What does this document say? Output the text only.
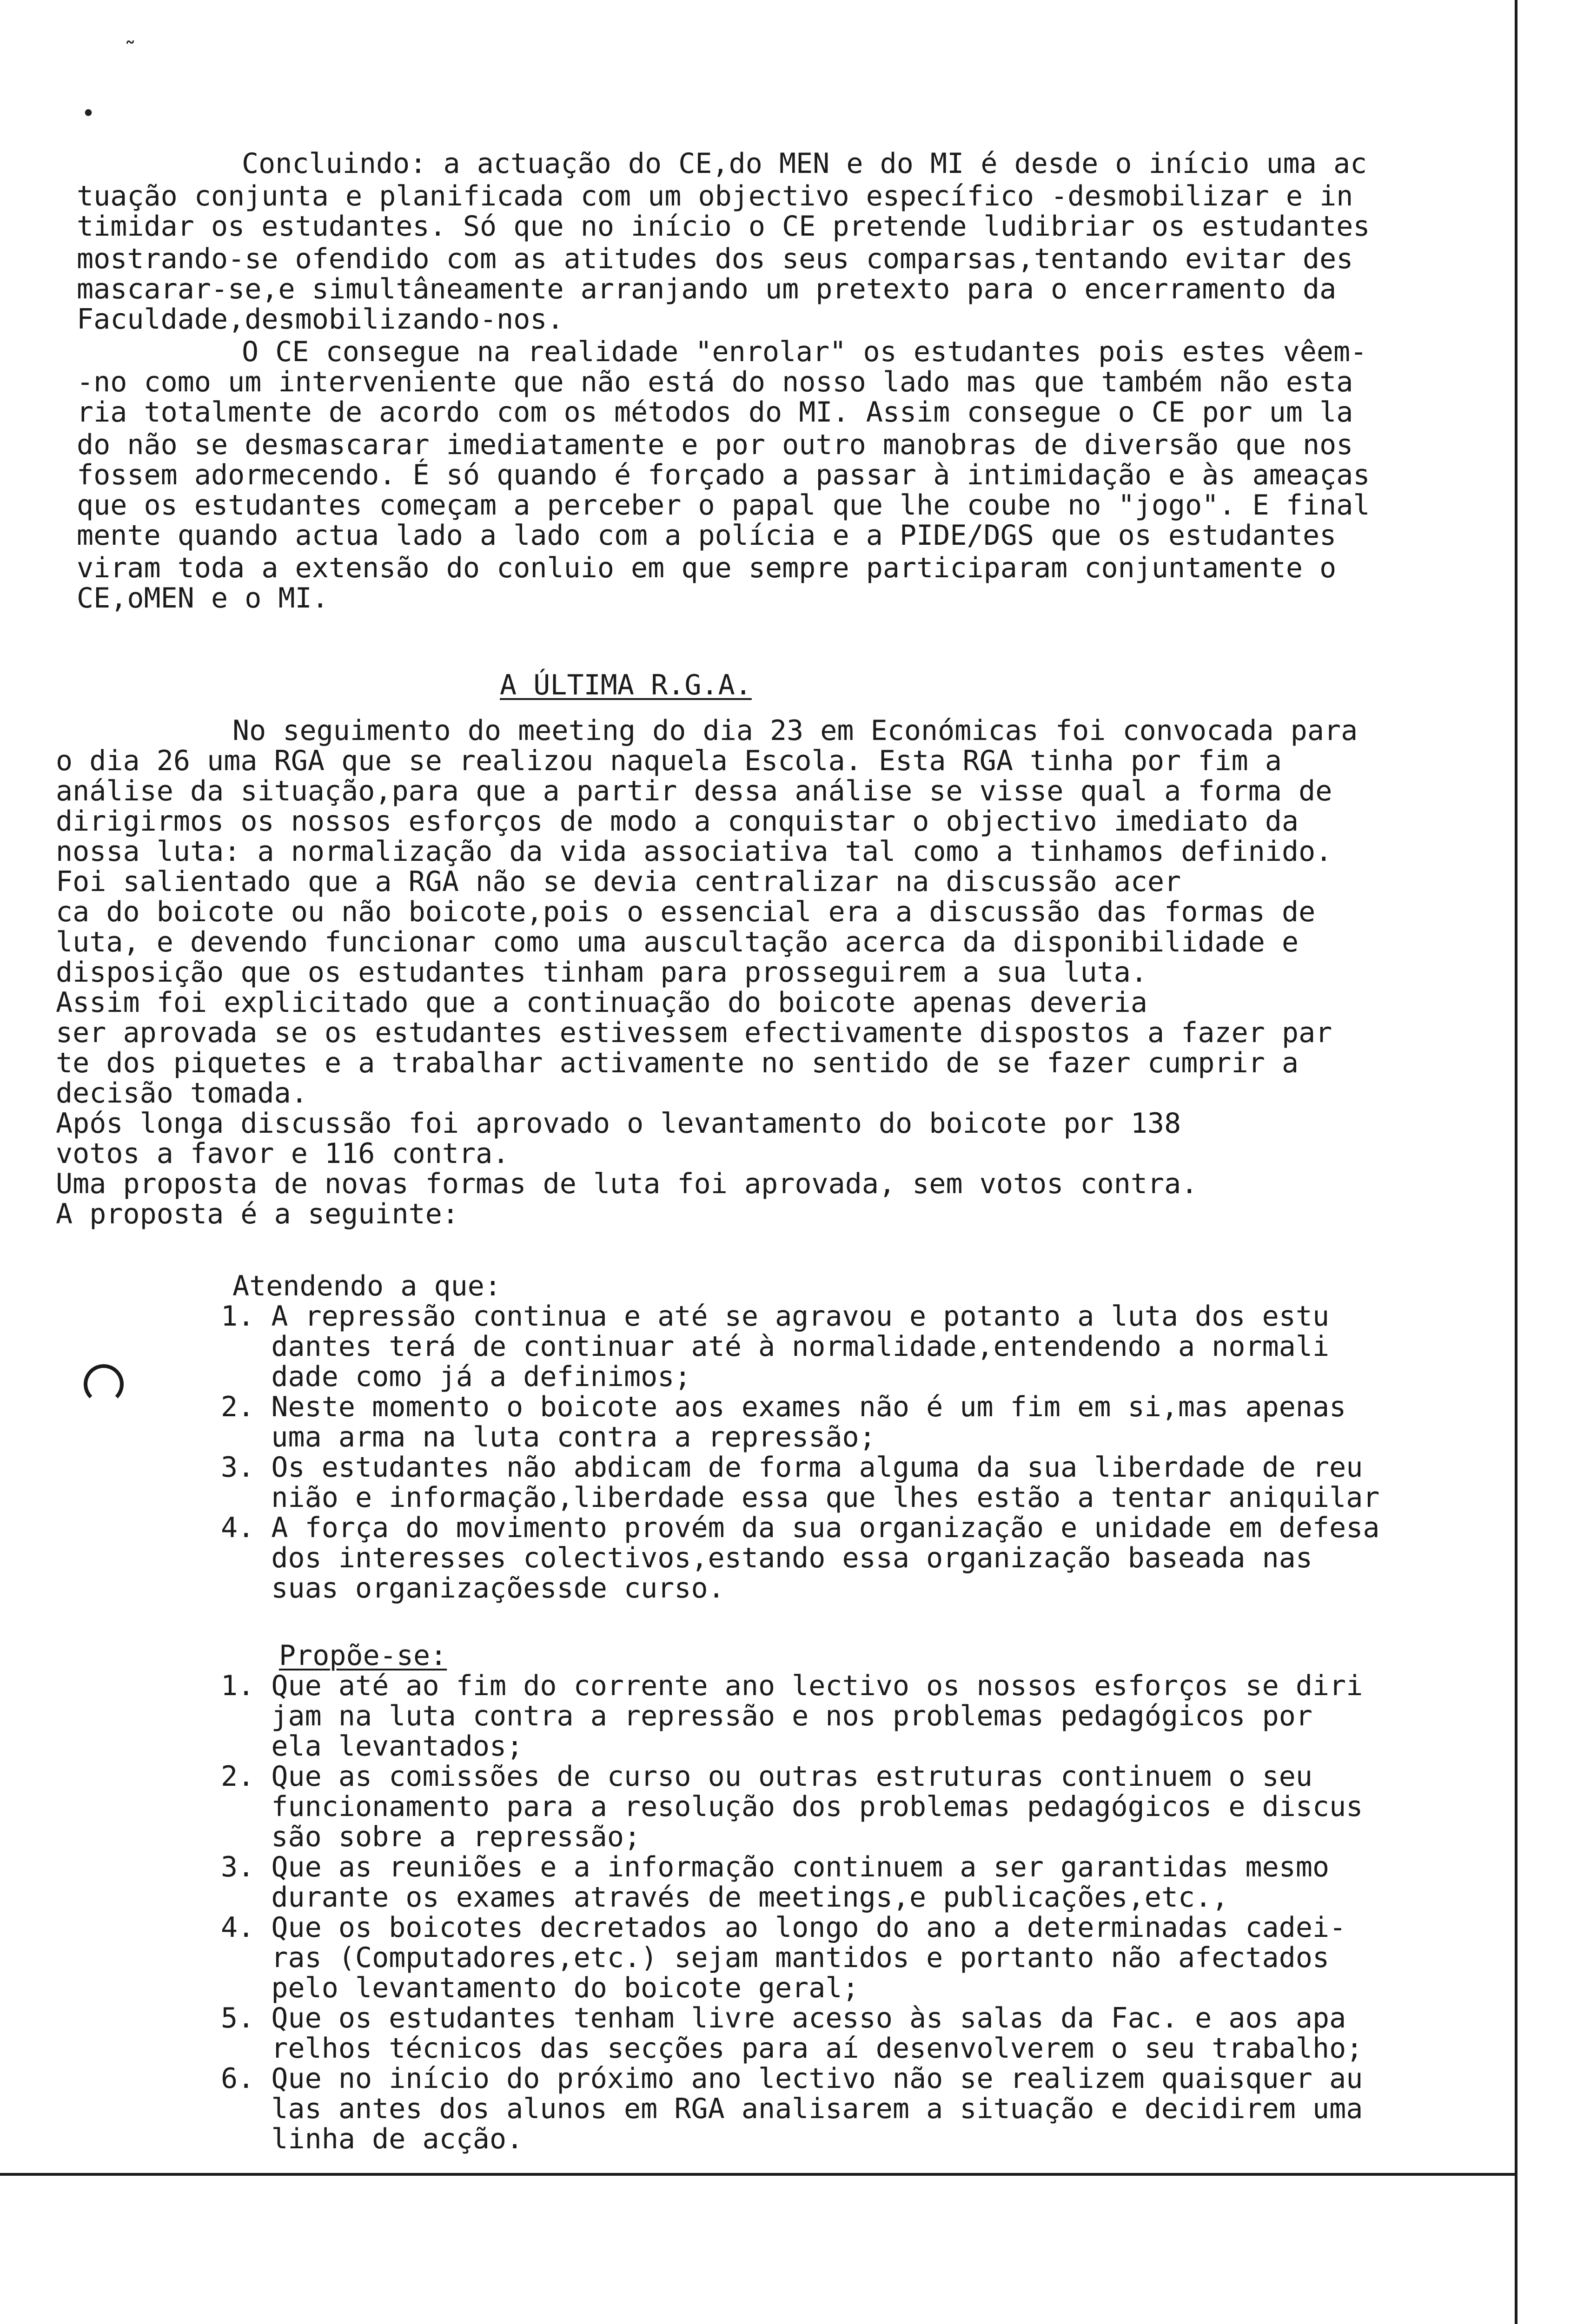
˜
•
Concluindo: a actuação do CE,do MEN e do MI é desde o início uma ac
tuação conjunta e planificada com um objectivo específico -desmobilizar e in
timidar os estudantes. Só que no início o CE pretende ludibriar os estudantes
mostrando-se ofendido com as atitudes dos seus comparsas,tentando evitar des
mascarar-se,e simultâneamente arranjando um pretexto para o encerramento da
Faculdade,desmobilizando-nos.
O CE consegue na realidade "enrolar" os estudantes pois estes vêem-
-no como um interveniente que não está do nosso lado mas que também não esta
ria totalmente de acordo com os métodos do MI. Assim consegue o CE por um la
do não se desmascarar imediatamente e por outro manobras de diversão que nos
fossem adormecendo. É só quando é forçado a passar à intimidação e às ameaças
que os estudantes começam a perceber o papal que lhe coube no "jogo". E final
mente quando actua lado a lado com a polícia e a PIDE/DGS que os estudantes
viram toda a extensão do conluio em que sempre participaram conjuntamente o
CE,oMEN e o MI.
A ÚLTIMA R.G.A.
No seguimento do meeting do dia 23 em Económicas foi convocada para
o dia 26 uma RGA que se realizou naquela Escola. Esta RGA tinha por fim a
análise da situação,para que a partir dessa análise se visse qual a forma de
dirigirmos os nossos esforços de modo a conquistar o objectivo imediato da
nossa luta: a normalização da vida associativa tal como a tinhamos definido.
Foi salientado que a RGA não se devia centralizar na discussão acer
ca do boicote ou não boicote,pois o essencial era a discussão das formas de
luta, e devendo funcionar como uma auscultação acerca da disponibilidade e
disposição que os estudantes tinham para prosseguirem a sua luta.
Assim foi explicitado que a continuação do boicote apenas deveria
ser aprovada se os estudantes estivessem efectivamente dispostos a fazer par
te dos piquetes e a trabalhar activamente no sentido de se fazer cumprir a
decisão tomada.
Após longa discussão foi aprovado o levantamento do boicote por 138
votos a favor e 116 contra.
Uma proposta de novas formas de luta foi aprovada, sem votos contra.
A proposta é a seguinte:
Atendendo a que:
1. A repressão continua e até se agravou e potanto a luta dos estu
dantes terá de continuar até à normalidade,entendendo a normali
dade como já a definimos;
2. Neste momento o boicote aos exames não é um fim em si,mas apenas
uma arma na luta contra a repressão;
3. Os estudantes não abdicam de forma alguma da sua liberdade de reu
nião e informação,liberdade essa que lhes estão a tentar aniquilar
4. A força do movimento provém da sua organização e unidade em defesa
dos interesses colectivos,estando essa organização baseada nas
suas organizaçõessde curso.
Propõe-se:
1. Que até ao fim do corrente ano lectivo os nossos esforços se diri
jam na luta contra a repressão e nos problemas pedagógicos por
ela levantados;
2. Que as comissões de curso ou outras estruturas continuem o seu
funcionamento para a resolução dos problemas pedagógicos e discus
são sobre a repressão;
3. Que as reuniões e a informação continuem a ser garantidas mesmo
durante os exames através de meetings,e publicações,etc.,
4. Que os boicotes decretados ao longo do ano a determinadas cadei-
ras (Computadores,etc.) sejam mantidos e portanto não afectados
pelo levantamento do boicote geral;
5. Que os estudantes tenham livre acesso às salas da Fac. e aos apa
relhos técnicos das secções para aí desenvolverem o seu trabalho;
6. Que no início do próximo ano lectivo não se realizem quaisquer au
las antes dos alunos em RGA analisarem a situação e decidirem uma
linha de acção.
